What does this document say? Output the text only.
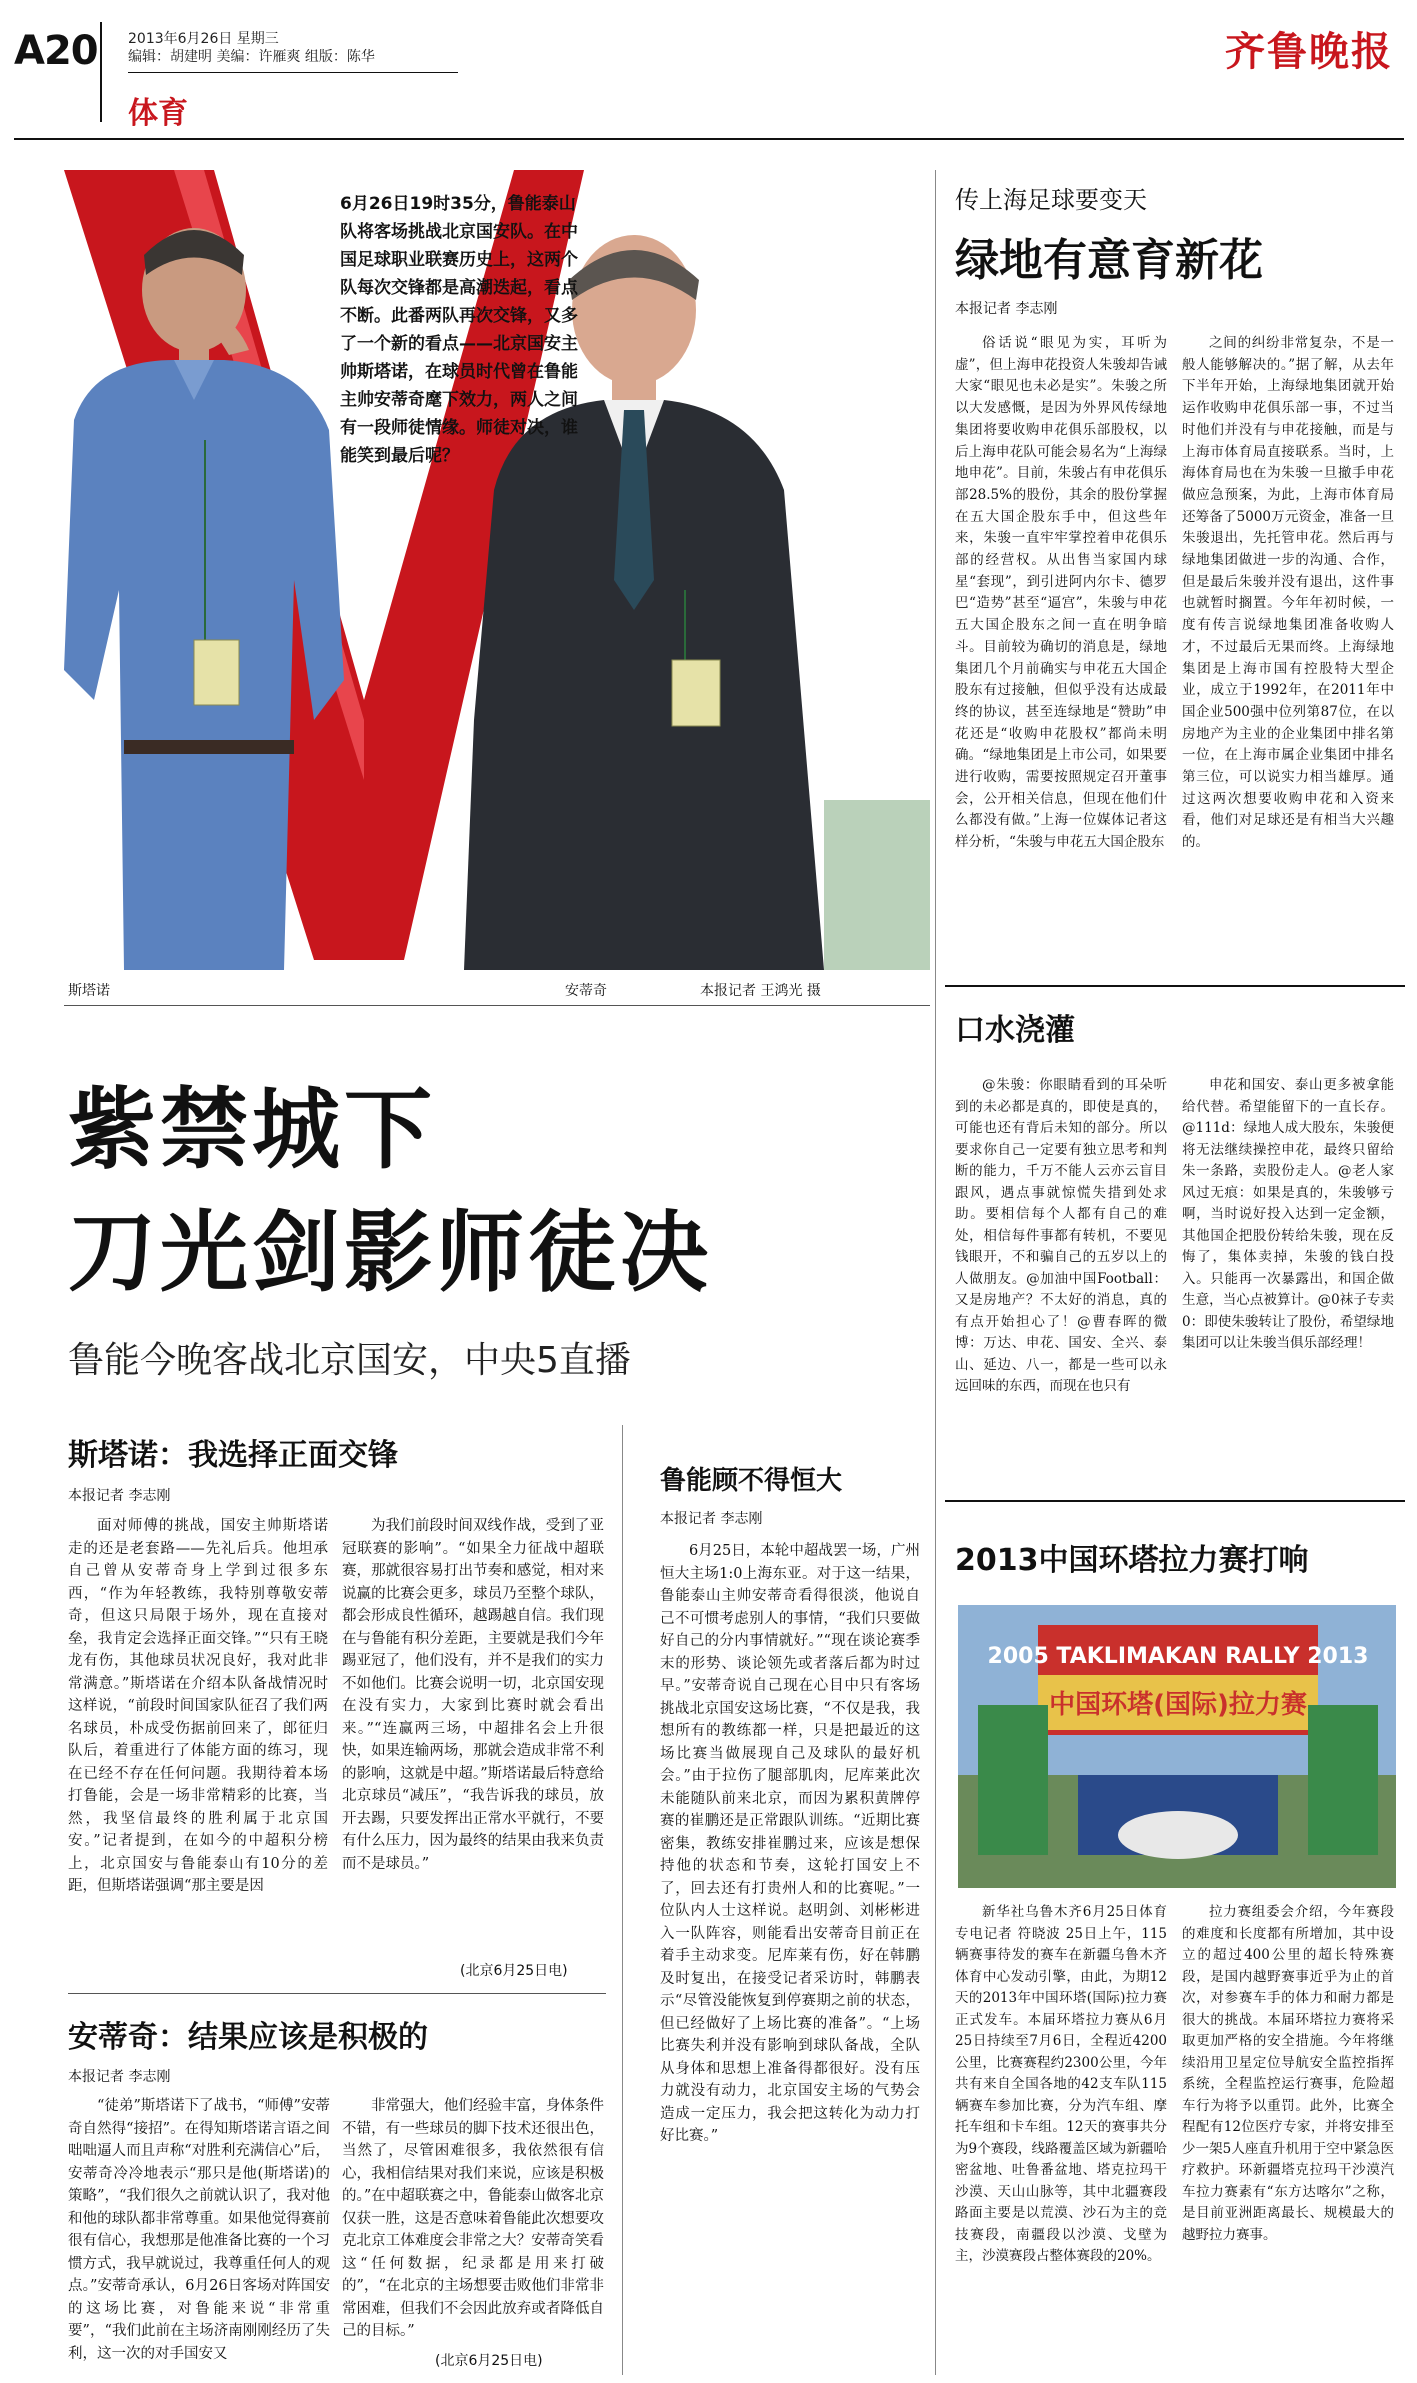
A20 2013年6月26日 星期三
编辑：胡建明 美编：许雁爽 组版：陈华
体育
齐鲁晚报
6月26日19时35分，鲁能泰山队将客场挑战北京国安队。在中国足球职业联赛历史上，这两个队每次交锋都是高潮迭起，看点不断。此番两队再次交锋，又多了一个新的看点——北京国安主帅斯塔诺，在球员时代曾在鲁能主帅安蒂奇麾下效力，两人之间有一段师徒情缘。师徒对决，谁能笑到最后呢？
斯塔诺	安蒂奇	本报记者 王鸿光 摄
紫禁城下
刀光剑影师徒决
鲁能今晚客战北京国安，中央5直播
斯塔诺：我选择正面交锋
本报记者 李志刚

面对师傅的挑战，国安主帅斯塔诺走的还是老套路——先礼后兵。他坦承自己曾从安蒂奇身上学到过很多东西，“作为年轻教练，我特别尊敬安蒂奇，但这只局限于场外，现在直接对垒，我肯定会选择正面交锋。”“只有王晓龙有伤，其他球员状况良好，我对此非常满意。”斯塔诺在介绍本队备战情况时这样说，“前段时间国家队征召了我们两名球员，朴成受伤据前回来了，郎征归队后，着重进行了体能方面的练习，现在已经不存在任何问题。我期待着本场打鲁能，会是一场非常精彩的比赛，当然，我坚信最终的胜利属于北京国安。”记者提到，在如今的中超积分榜上，北京国安与鲁能泰山有10分的差距，但斯塔诺强调“那主要是因

为我们前段时间双线作战，受到了亚冠联赛的影响”。“如果全力征战中超联赛，那就很容易打出节奏和感觉，相对来说赢的比赛会更多，球员乃至整个球队，都会形成良性循环，越踢越自信。我们现在与鲁能有积分差距，主要就是我们今年踢亚冠了，他们没有，并不是我们的实力不如他们。比赛会说明一切，北京国安现在没有实力，大家到比赛时就会看出来。”“连赢两三场，中超排名会上升很快，如果连输两场，那就会造成非常不利的影响，这就是中超。”斯塔诺最后特意给北京球员“减压”，“我告诉我的球员，放开去踢，只要发挥出正常水平就行，不要有什么压力，因为最终的结果由我来负责而不是球员。”

(北京6月25日电)
鲁能顾不得恒大
本报记者 李志刚

6月25日，本轮中超战罢一场，广州恒大主场1:0上海东亚。对于这一结果，鲁能泰山主帅安蒂奇看得很淡，他说自己不可惯考虑别人的事情，“我们只要做好自己的分内事情就好。”“现在谈论赛季末的形势、谈论领先或者落后都为时过早。”安蒂奇说自己现在心目中只有客场挑战北京国安这场比赛，“不仅是我，我想所有的教练都一样，只是把最近的这场比赛当做展现自己及球队的最好机会。”由于拉伤了腿部肌肉，尼库莱此次未能随队前来北京，而因为累积黄牌停赛的崔鹏还是正常跟队训练。“近期比赛密集，教练安排崔鹏过来，应该是想保持他的状态和节奏，这轮打国安上不了，回去还有打贵州人和的比赛呢。”一位队内人士这样说。赵明剑、刘彬彬进入一队阵容，则能看出安蒂奇目前正在着手主动求变。尼库莱有伤，好在韩鹏及时复出，在接受记者采访时，韩鹏表示“尽管没能恢复到停赛期之前的状态，但已经做好了上场比赛的准备”。“上场比赛失利并没有影响到球队备战，全队从身体和思想上准备得都很好。没有压力就没有动力，北京国安主场的气势会造成一定压力，我会把这转化为动力打好比赛。”

安蒂奇：结果应该是积极的
本报记者 李志刚

“徒弟”斯塔诺下了战书，“师傅”安蒂奇自然得“接招”。在得知斯塔诺言语之间咄咄逼人而且声称“对胜利充满信心”后，安蒂奇冷冷地表示“那只是他(斯塔诺)的策略”，“我们很久之前就认识了，我对他和他的球队都非常尊重。如果他觉得赛前很有信心，我想那是他准备比赛的一个习惯方式，我早就说过，我尊重任何人的观点。”安蒂奇承认，6月26日客场对阵国安的这场比赛，对鲁能来说“非常重要”，“我们此前在主场济南刚刚经历了失利，这一次的对手国安又

非常强大，他们经验丰富，身体条件不错，有一些球员的脚下技术还很出色，当然了，尽管困难很多，我依然很有信心，我相信结果对我们来说，应该是积极的。”在中超联赛之中，鲁能泰山做客北京仅获一胜，这是否意味着鲁能此次想要攻克北京工体难度会非常之大？安蒂奇笑看这“任何数据，纪录都是用来打破的”，“在北京的主场想要击败他们非常非常困难，但我们不会因此放弃或者降低自己的目标。”

(北京6月25日电)
传上海足球要变天
绿地有意育新花
本报记者 李志刚

俗话说“眼见为实，耳听为虚”，但上海申花投资人朱骏却告诫大家“眼见也未必是实”。朱骏之所以大发感慨，是因为外界风传绿地集团将要收购申花俱乐部股权，以后上海申花队可能会易名为“上海绿地申花”。目前，朱骏占有申花俱乐部28.5%的股份，其余的股份掌握在五大国企股东手中，但这些年来，朱骏一直牢牢掌控着申花俱乐部的经营权。从出售当家国内球星“套现”，到引进阿内尔卡、德罗巴“造势”甚至“逼宫”，朱骏与申花五大国企股东之间一直在明争暗斗。目前较为确切的消息是，绿地集团几个月前确实与申花五大国企股东有过接触，但似乎没有达成最终的协议，甚至连绿地是“赞助”申花还是“收购申花股权”都尚未明确。“绿地集团是上市公司，如果要进行收购，需要按照规定召开董事会，公开相关信息，但现在他们什么都没有做。”上海一位媒体记者这样分析，“朱骏与申花五大国企股东

之间的纠纷非常复杂，不是一般人能够解决的。”据了解，从去年下半年开始，上海绿地集团就开始运作收购申花俱乐部一事，不过当时他们并没有与申花接触，而是与上海市体育局直接联系。当时，上海体育局也在为朱骏一旦撤手申花做应急预案，为此，上海市体育局还筹备了5000万元资金，准备一旦朱骏退出，先托管申花。然后再与绿地集团做进一步的沟通、合作，但是最后朱骏并没有退出，这件事也就暂时搁置。今年年初时候，一度有传言说绿地集团准备收购人才，不过最后无果而终。上海绿地集团是上海市国有控股特大型企业，成立于1992年，在2011年中国企业500强中位列第87位，在以房地产为主业的企业集团中排名第一位，在上海市属企业集团中排名第三位，可以说实力相当雄厚。通过这两次想要收购申花和入资来看，他们对足球还是有相当大兴趣的。

口水浇灌

@朱骏：你眼睛看到的耳朵听到的未必都是真的，即使是真的，可能也还有背后未知的部分。所以要求你自己一定要有独立思考和判断的能力，千万不能人云亦云盲目跟风，遇点事就惊慌失措到处求助。要相信每个人都有自己的难处，相信每件事都有转机，不要见钱眼开，不和骗自己的五岁以上的人做朋友。@加油中国Football：又是房地产？不太好的消息，真的有点开始担心了！@曹春晖的微博：万达、申花、国安、全兴、泰山、延边、八一，都是一些可以永远回味的东西，而现在也只有

申花和国安、泰山更多被拿能给代替。希望能留下的一直长存。@111d：绿地人成大股东，朱骏便将无法继续操控申花，最终只留给朱一条路，卖股份走人。@老人家风过无痕：如果是真的，朱骏够亏啊，当时说好投入达到一定金额，其他国企把股份转给朱骏，现在反悔了，集体卖掉，朱骏的钱白投入。只能再一次暴露出，和国企做生意，当心点被算计。@0袜子专卖0：即使朱骏转让了股份，希望绿地集团可以让朱骏当俱乐部经理！

2013中国环塔拉力赛打响
2005 TAKLIMAKAN RALLY 2013
中国环塔(国际)拉力赛

新华社乌鲁木齐6月25日体育专电记者 符晓波 25日上午，115辆赛事待发的赛车在新疆乌鲁木齐体育中心发动引擎，由此，为期12天的2013年中国环塔(国际)拉力赛正式发车。本届环塔拉力赛从6月25日持续至7月6日，全程近4200公里，比赛赛程约2300公里，今年共有来自全国各地的42支车队115辆赛车参加比赛，分为汽车组、摩托车组和卡车组。12天的赛事共分为9个赛段，线路覆盖区域为新疆哈密盆地、吐鲁番盆地、塔克拉玛干沙漠、天山山脉等，其中北疆赛段路面主要是以荒漠、沙石为主的竞技赛段，南疆段以沙漠、戈壁为主，沙漠赛段占整体赛段的20%。

拉力赛组委会介绍，今年赛段的难度和长度都有所增加，其中设立的超过400公里的超长特殊赛段，是国内越野赛事近乎为止的首次，对参赛车手的体力和耐力都是很大的挑战。本届环塔拉力赛将采取更加严格的安全措施。今年将继续沿用卫星定位导航安全监控指挥系统，全程监控运行赛事，危险超车行为将予以重罚。此外，比赛全程配有12位医疗专家，并将安排至少一架5人座直升机用于空中紧急医疗救护。环新疆塔克拉玛干沙漠汽车拉力赛素有“东方达喀尔”之称，是目前亚洲距离最长、规模最大的越野拉力赛事。
